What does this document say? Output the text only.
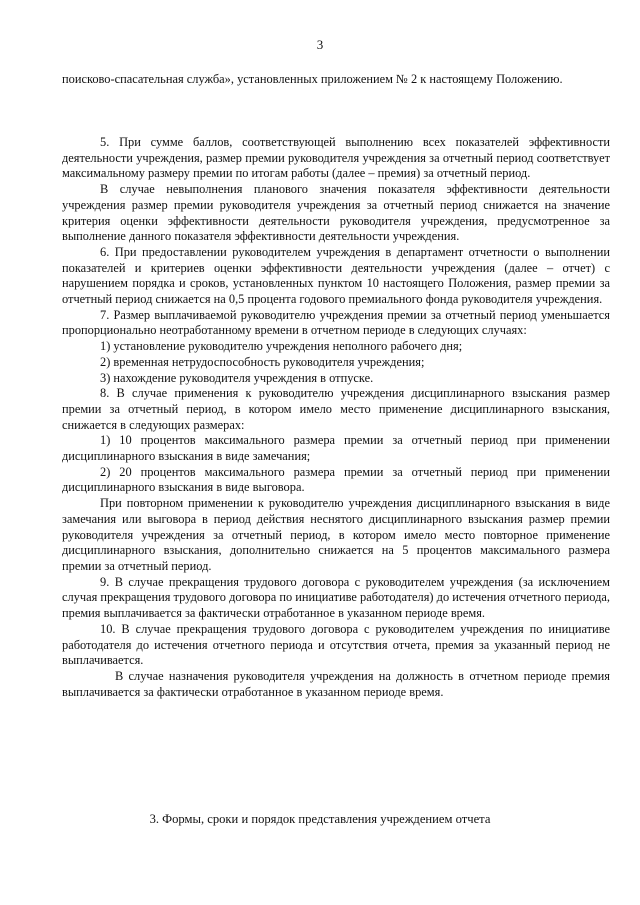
3

поисково-спасательная служба», установленных приложением № 2 к настоящему Положению.

5. При сумме баллов, соответствующей выполнению всех показателей эффективности деятельности учреждения, размер премии руководителя учреждения за отчетный период соответствует максимальному размеру премии по итогам работы (далее – премия) за отчетный период.

В случае невыполнения планового значения показателя эффективности деятельности учреждения размер премии руководителя учреждения за отчетный период снижается на значение критерия оценки эффективности деятельности руководителя учреждения, предусмотренное за выполнение данного показателя эффективности деятельности учреждения.

6. При предоставлении руководителем учреждения в департамент отчетности о выполнении показателей и критериев оценки эффективности деятельности учреждения (далее – отчет) с нарушением порядка и сроков, установленных пунктом 10 настоящего Положения, размер премии за отчетный период снижается на 0,5 процента годового премиального фонда руководителя учреждения.

7. Размер выплачиваемой руководителю учреждения премии за отчетный период уменьшается пропорционально неотработанному времени в отчетном периоде в следующих случаях:

1) установление руководителю учреждения неполного рабочего дня;

2) временная нетрудоспособность руководителя учреждения;

3) нахождение руководителя учреждения в отпуске.

8. В случае применения к руководителю учреждения дисциплинарного взыскания размер премии за отчетный период, в котором имело место применение дисциплинарного взыскания, снижается в следующих размерах:

1) 10 процентов максимального размера премии за отчетный период при применении дисциплинарного взыскания в виде замечания;

2) 20 процентов максимального размера премии за отчетный период при применении дисциплинарного взыскания в виде выговора.

При повторном применении к руководителю учреждения дисциплинарного взыскания в виде замечания или выговора в период действия неснятого дисциплинарного взыскания размер премии руководителя учреждения за отчетный период, в котором имело место повторное применение дисциплинарного взыскания, дополнительно снижается на 5 процентов максимального размера премии за отчетный период.

9. В случае прекращения трудового договора с руководителем учреждения (за исключением случая прекращения трудового договора по инициативе работодателя) до истечения отчетного периода, премия выплачивается за фактически отработанное в указанном периоде время.

10. В случае прекращения трудового договора с руководителем учреждения по инициативе работодателя до истечения отчетного периода и отсутствия отчета, премия за указанный период не выплачивается.

В случае назначения руководителя учреждения на должность в отчетном периоде премия выплачивается за фактически отработанное в указанном периоде время.

3. Формы, сроки и порядок представления учреждением отчета
